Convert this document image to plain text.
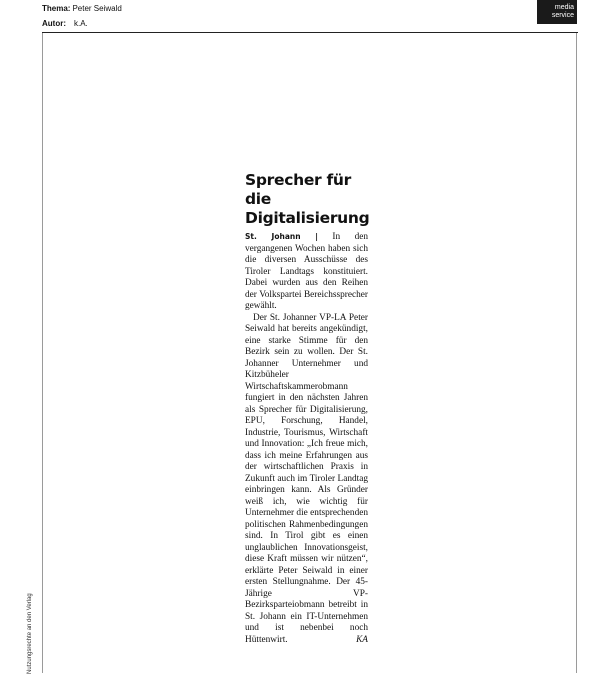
Thema: Peter Seiwald
Autor: k.A.
media
service
Nutzungsrechte an den Verlag
Sprecher für die Digitalisierung

St. Johann | In den vergangenen Wochen haben sich die diversen Ausschüsse des Tiroler Landtags konstituiert. Dabei wurden aus den Reihen der Volkspartei Bereichssprecher gewählt.

Der St. Johanner VP-LA Peter Seiwald hat bereits angekündigt, eine starke Stimme für den Bezirk sein zu wollen. Der St. Johanner Unternehmer und Kitzbüheler Wirtschaftskammerobmann fungiert in den nächsten Jahren als Sprecher für Digitalisierung, EPU, Forschung, Handel, Industrie, Tourismus, Wirtschaft und Innovation: „Ich freue mich, dass ich meine Erfahrungen aus der wirtschaftlichen Praxis in Zukunft auch im Tiroler Landtag einbringen kann. Als Gründer weiß ich, wie wichtig für Unternehmer die entsprechenden politischen Rahmenbedingungen sind. In Tirol gibt es einen unglaublichen Innovationsgeist, diese Kraft müssen wir nützen“, erklärte Peter Seiwald in einer ersten Stellungnahme. Der 45-Jährige VP-Bezirksparteiobmann betreibt in St. Johann ein IT-Unternehmen und ist nebenbei noch Hüttenwirt.	KA
